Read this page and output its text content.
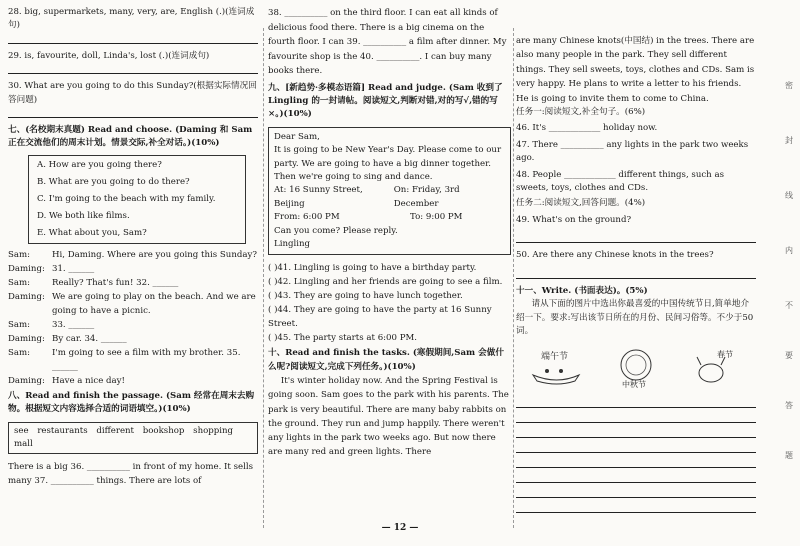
28. big, supermarkets, many, very, are, English (.)(连词成句)

29. is, favourite, doll, Linda's, lost (.)(连词成句)

30. What are you going to do this Sunday?(根据实际情况回答问题)

七、(名校期末真题) Read and choose. (Daming 和 Sam 正在交流他们的周末计划。情景交际,补全对话。)(10%)

A. How are you going there?
B. What are you going to do there?
C. I'm going to the beach with my family.
D. We both like films.
E. What about you, Sam?
Sam:	Hi, Daming. Where are you going this Sunday?
Daming: 31. ______
Sam:	Really? That's fun! 32. ______
Daming: We are going to play on the beach. And we are going to have a picnic.
Sam:	33. ______
Daming: By car. 34. ______
Sam:	I'm going to see a film with my brother. 35. ______
Daming: Have a nice day!

八、Read and finish the passage. (Sam 经常在周末去购物。根据短文内容选择合适的词语填空。)(10%)

see restaurants different bookshop shopping mall

There is a big 36. __________ in front of my home. It sells many 37. __________ things. There are lots of

38. __________ on the third floor. I can eat all kinds of delicious food there. There is a big cinema on the fourth floor. I can 39. __________ a film after dinner. My favourite shop is the 40. __________. I can buy many books there.

九、[新趋势·多模态语篇] Read and judge. (Sam 收到了 Lingling 的一封请帖。阅读短文,判断对错,对的写√,错的写×。)(10%)

Dear Sam,
It is going to be New Year's Day. Please come to our party. We are going to have a big dinner together. Then we're going to sing and dance.
At: 16 Sunny Street, Beijing
On: Friday, 3rd December
From: 6:00 PM	To: 9:00 PM
Can you come? Please reply.
Lingling
( )41. Lingling is going to have a birthday party.
( )42. Lingling and her friends are going to see a film.
( )43. They are going to have lunch together.
( )44. They are going to have the party at 16 Sunny Street.
( )45. The party starts at 6:00 PM.

十、Read and finish the tasks. (寒假期间,Sam 会做什么呢?阅读短文,完成下列任务。)(10%)

It's winter holiday now. And the Spring Festival is going soon. Sam goes to the park with his parents. The park is very beautiful. There are many baby rabbits on the ground. They run and jump happily. There weren't any lights in the park two weeks ago. But now there are many red and green lights. There

are many Chinese knots(中国结) in the trees. There are also many people in the park. They sell different things. They sell sweets, toys, clothes and CDs. Sam is very happy. He plans to write a letter to his friends. He is going to invite them to come to China.

任务一:阅读短文,补全句子。(6%)

46. It's ____________ holiday now.

47. There __________ any lights in the park two weeks ago.

48. People ____________ different things, such as sweets, toys, clothes and CDs.

任务二:阅读短文,回答问题。(4%)

49. What's on the ground?

50. Are there any Chinese knots in the trees?

十一、Write. (书面表达)。(5%)

请从下面的图片中选出你最喜爱的中国传统节日,简单地介绍一下。要求:写出该节日所在的月份、民间习俗等。不少于50词。

端午节
中秋节
春节
密
封
线
内
不
要
答
题
— 12 —
